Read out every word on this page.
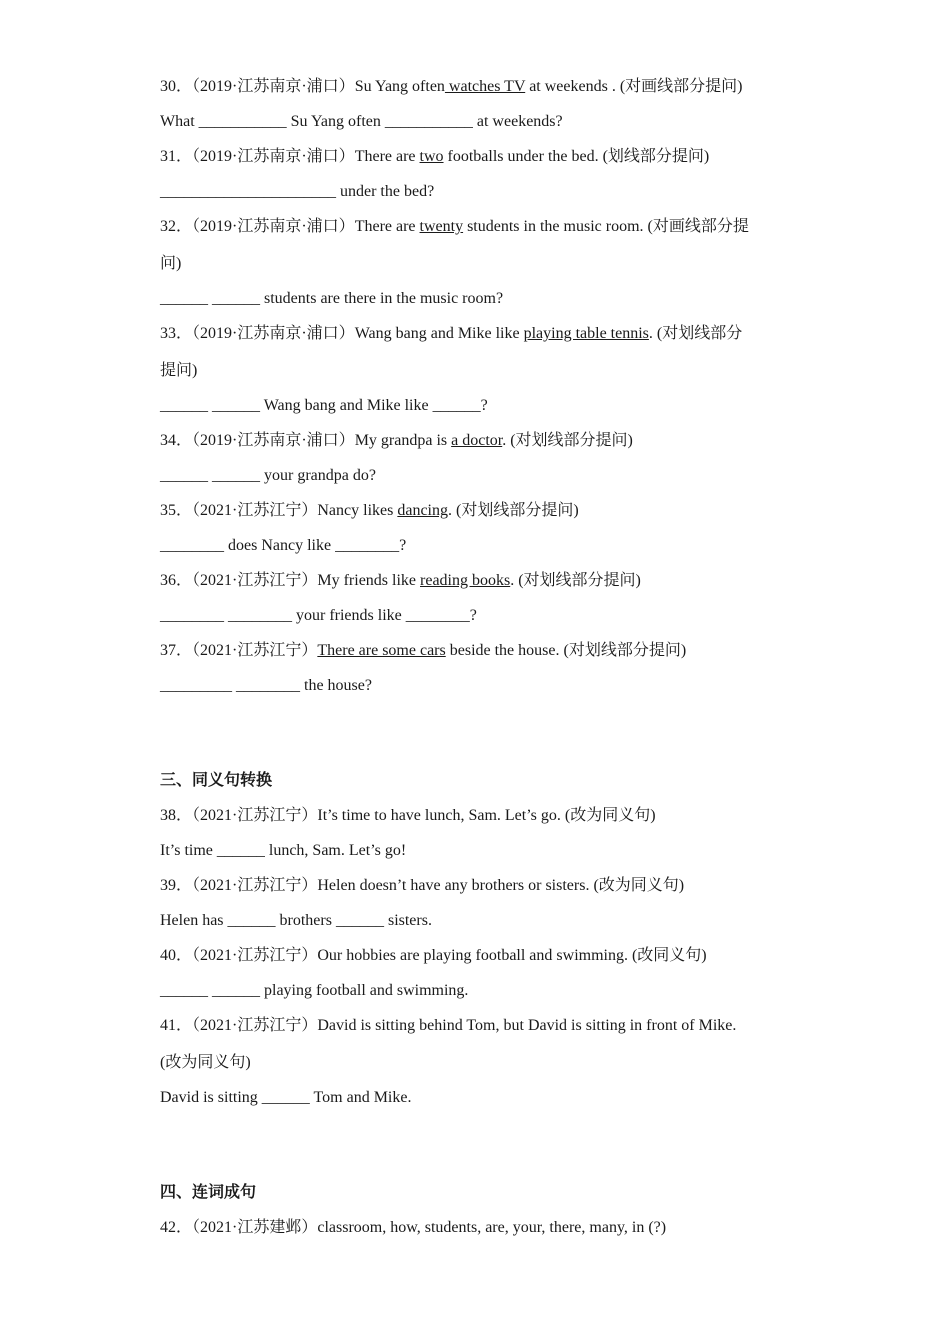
30．（2019·江苏南京·浦口）Su Yang often watches TV at weekends . (对画线部分提问)

What ___________ Su Yang often ___________ at weekends?

31．（2019·江苏南京·浦口）There are two footballs under the bed. (划线部分提问)

______________________ under the bed?

32．（2019·江苏南京·浦口）There are twenty students in the music room. (对画线部分提

问)

______ ______ students are there in the music room?

33．（2019·江苏南京·浦口）Wang bang and Mike like playing table tennis. (对划线部分

提问)

______ ______ Wang bang and Mike like ______?

34．（2019·江苏南京·浦口）My grandpa is a doctor. (对划线部分提问)

______ ______ your grandpa do?

35．（2021·江苏江宁）Nancy likes dancing. (对划线部分提问)

________ does Nancy like ________?

36．（2021·江苏江宁）My friends like reading books. (对划线部分提问)

________ ________ your friends like ________?

37．（2021·江苏江宁）There are some cars beside the house. (对划线部分提问)

_________ ________ the house?

三、同义句转换

38．（2021·江苏江宁）It’s time to have lunch, Sam. Let’s go. (改为同义句)

It’s time ______ lunch, Sam. Let’s go!

39．（2021·江苏江宁）Helen doesn’t have any brothers or sisters. (改为同义句)

Helen has ______ brothers ______ sisters.

40．（2021·江苏江宁）Our hobbies are playing football and swimming. (改同义句)

______ ______ playing football and swimming.

41．（2021·江苏江宁）David is sitting behind Tom, but David is sitting in front of Mike.

(改为同义句)

David is sitting ______ Tom and Mike.

四、连词成句

42．（2021·江苏建邺）classroom, how, students, are, your, there, many, in (?)
